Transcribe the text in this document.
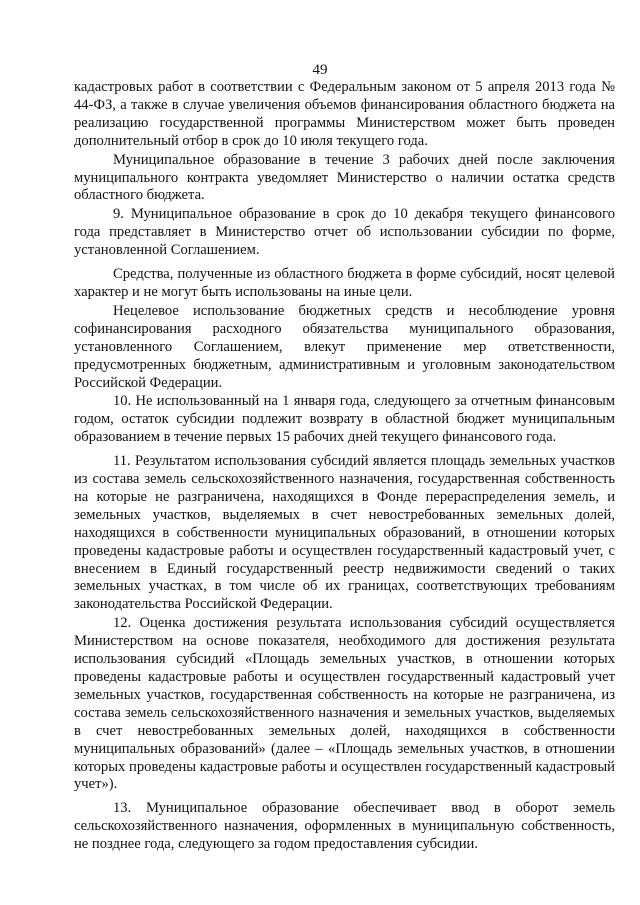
49

кадастровых работ в соответствии с Федеральным законом от 5 апреля 2013 года № 44-ФЗ, а также в случае увеличения объемов финансирования областного бюджета на реализацию государственной программы Министерством может быть проведен дополнительный отбор в срок до 10 июля текущего года.

Муниципальное образование в течение 3 рабочих дней после заключения муниципального контракта уведомляет Министерство о наличии остатка средств областного бюджета.

9. Муниципальное образование в срок до 10 декабря текущего финансового года представляет в Министерство отчет об использовании субсидии по форме, установленной Соглашением.

Средства, полученные из областного бюджета в форме субсидий, носят целевой характер и не могут быть использованы на иные цели.

Нецелевое использование бюджетных средств и несоблюдение уровня софинансирования расходного обязательства муниципального образования, установленного Соглашением, влекут применение мер ответственности, предусмотренных бюджетным, административным и уголовным законодательством Российской Федерации.

10. Не использованный на 1 января года, следующего за отчетным финансовым годом, остаток субсидии подлежит возврату в областной бюджет муниципальным образованием в течение первых 15 рабочих дней текущего финансового года.

11. Результатом использования субсидий является площадь земельных участков из состава земель сельскохозяйственного назначения, государственная собственность на которые не разграничена, находящихся в Фонде перераспределения земель, и земельных участков, выделяемых в счет невостребованных земельных долей, находящихся в собственности муниципальных образований, в отношении которых проведены кадастровые работы и осуществлен государственный кадастровый учет, с внесением в Единый государственный реестр недвижимости сведений о таких земельных участках, в том числе об их границах, соответствующих требованиям законодательства Российской Федерации.

12. Оценка достижения результата использования субсидий осуществляется Министерством на основе показателя, необходимого для достижения результата использования субсидий «Площадь земельных участков, в отношении которых проведены кадастровые работы и осуществлен государственный кадастровый учет земельных участков, государственная собственность на которые не разграничена, из состава земель сельскохозяйственного назначения и земельных участков, выделяемых в счет невостребованных земельных долей, находящихся в собственности муниципальных образований» (далее – «Площадь земельных участков, в отношении которых проведены кадастровые работы и осуществлен государственный кадастровый учет»).

13. Муниципальное образование обеспечивает ввод в оборот земель сельскохозяйственного назначения, оформленных в муниципальную собственность, не позднее года, следующего за годом предоставления субсидии.
